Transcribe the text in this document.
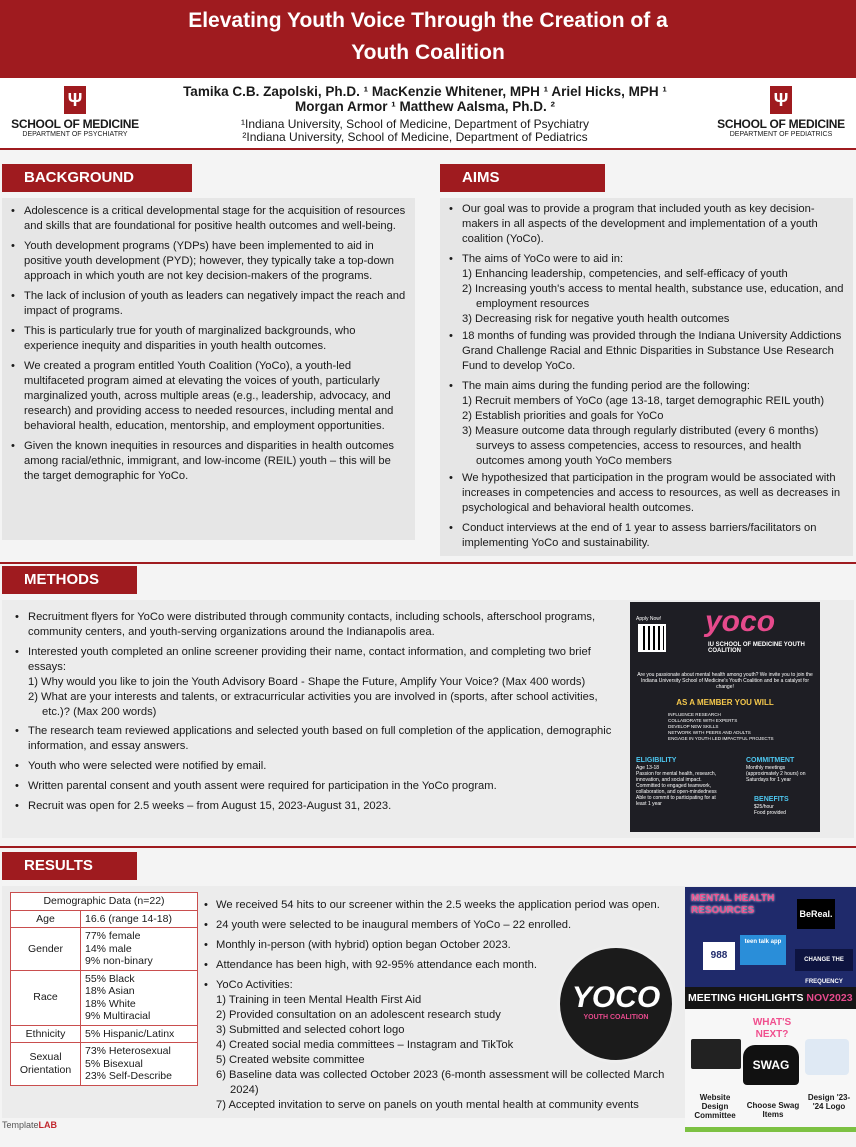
Elevating Youth Voice Through the Creation of a
Youth Coalition
Ψ
SCHOOL OF MEDICINE
DEPARTMENT OF PSYCHIATRY
Tamika C.B. Zapolski, Ph.D. ¹ MacKenzie Whitener, MPH ¹ Ariel Hicks, MPH ¹
Morgan Armor ¹ Matthew Aalsma, Ph.D. ²
¹Indiana University, School of Medicine, Department of Psychiatry
²Indiana University, School of Medicine, Department of Pediatrics
Ψ
SCHOOL OF MEDICINE
DEPARTMENT OF PEDIATRICS
BACKGROUND
• Adolescence is a critical developmental stage for the acquisition of resources and skills that are foundational for positive health outcomes and well-being.
• Youth development programs (YDPs) have been implemented to aid in positive youth development (PYD); however, they typically take a top-down approach in which youth are not key decision-makers of the programs.
• The lack of inclusion of youth as leaders can negatively impact the reach and impact of programs.
• This is particularly true for youth of marginalized backgrounds, who experience inequity and disparities in youth health outcomes.
• We created a program entitled Youth Coalition (YoCo), a youth-led multifaceted program aimed at elevating the voices of youth, particularly marginalized youth, across multiple areas (e.g., leadership, advocacy, and research) and providing access to needed resources, including mental and behavioral health, education, mentorship, and employment opportunities.
• Given the known inequities in resources and disparities in health outcomes among racial/ethnic, immigrant, and low-income (REIL) youth – this will be the target demographic for YoCo.
AIMS
• Our goal was to provide a program that included youth as key decision-makers in all aspects of the development and implementation of a youth coalition (YoCo).
• The aims of YoCo were to aid in:
1) Enhancing leadership, competencies, and self-efficacy of youth
2) Increasing youth's access to mental health, substance use, education, and employment resources
3) Decreasing risk for negative youth health outcomes
• 18 months of funding was provided through the Indiana University Addictions Grand Challenge Racial and Ethnic Disparities in Substance Use Research Fund to develop YoCo.
• The main aims during the funding period are the following:
1) Recruit members of YoCo (age 13-18, target demographic REIL youth)
2) Establish priorities and goals for YoCo
3) Measure outcome data through regularly distributed (every 6 months) surveys to assess competencies, access to resources, and health outcomes among youth YoCo members
• We hypothesized that participation in the program would be associated with increases in competencies and access to resources, as well as decreases in psychological and behavioral health outcomes.
• Conduct interviews at the end of 1 year to assess barriers/facilitators on implementing YoCo and sustainability.
METHODS
• Recruitment flyers for YoCo were distributed through community contacts, including schools, afterschool programs, community centers, and youth-serving organizations around the Indianapolis area.
• Interested youth completed an online screener providing their name, contact information, and completing two brief essays:
1) Why would you like to join the Youth Advisory Board - Shape the Future, Amplify Your Voice? (Max 400 words)
2) What are your interests and talents, or extracurricular activities you are involved in (sports, after school activities, etc.)? (Max 200 words)
• The research team reviewed applications and selected youth based on full completion of the application, demographic information, and essay answers.
• Youth who were selected were notified by email.
• Written parental consent and youth assent were required for participation in the YoCo program.
• Recruit was open for 2.5 weeks – from August 15, 2023-August 31, 2023.
Apply Now! yoco
IU SCHOOL OF MEDICINE YOUTH COALITION
Are you passionate about mental health among youth? We invite you to join the Indiana University School of Medicine's Youth Coalition and be a catalyst for change!
AS A MEMBER YOU WILL
INFLUENCE RESEARCH
COLLABORATE WITH EXPERTS
DEVELOP NEW SKILLS
NETWORK WITH PEERS AND ADULTS
ENGAGE IN YOUTH LED IMPACTFUL PROJECTS
ELIGIBILITY
Age 13-18
Passion for mental health, research, innovation, and social impact.
Committed to engaged teamwork, collaboration, and open-mindedness
Able to commit to participating for at least 1 year
COMMITMENT
Monthly meetings (approximately 2 hours) on Saturdays for 1 year
BENEFITS
$25/hour
Food provided
RESULTS
Demographic Data (n=22)	
Age	16.6 (range 14-18)

Gender	77% female
14% male
9% non-binary

Race	55% Black
18% Asian
18% White
9% Multiracial

Ethnicity	5% Hispanic/Latinx

Sexual Orientation	73% Heterosexual
5% Bisexual
23% Self-Describe
• We received 54 hits to our screener within the 2.5 weeks the application period was open.
• 24 youth were selected to be inaugural members of YoCo – 22 enrolled.
• Monthly in-person (with hybrid) option began October 2023.
• Attendance has been high, with 92-95% attendance each month.
• YoCo Activities:
1) Training in teen Mental Health First Aid
2) Provided consultation on an adolescent research study
3) Submitted and selected cohort logo
4) Created social media committees – Instagram and TikTok
5) Created website committee
6) Baseline data was collected October 2023 (6-month assessment will be collected March 2024)
7) Accepted invitation to serve on panels on youth mental health at community events
YOCO
YOUTH COALITION
MENTAL HEALTH RESOURCES	BeReal.
988
teen talk app
CHANGE THE FREQUENCY
MEETING HIGHLIGHTS NOV2023
WHAT'S NEXT?
SWAG
Website Design Committee
Choose Swag Items
Design '23-'24 Logo
TemplateLAB
